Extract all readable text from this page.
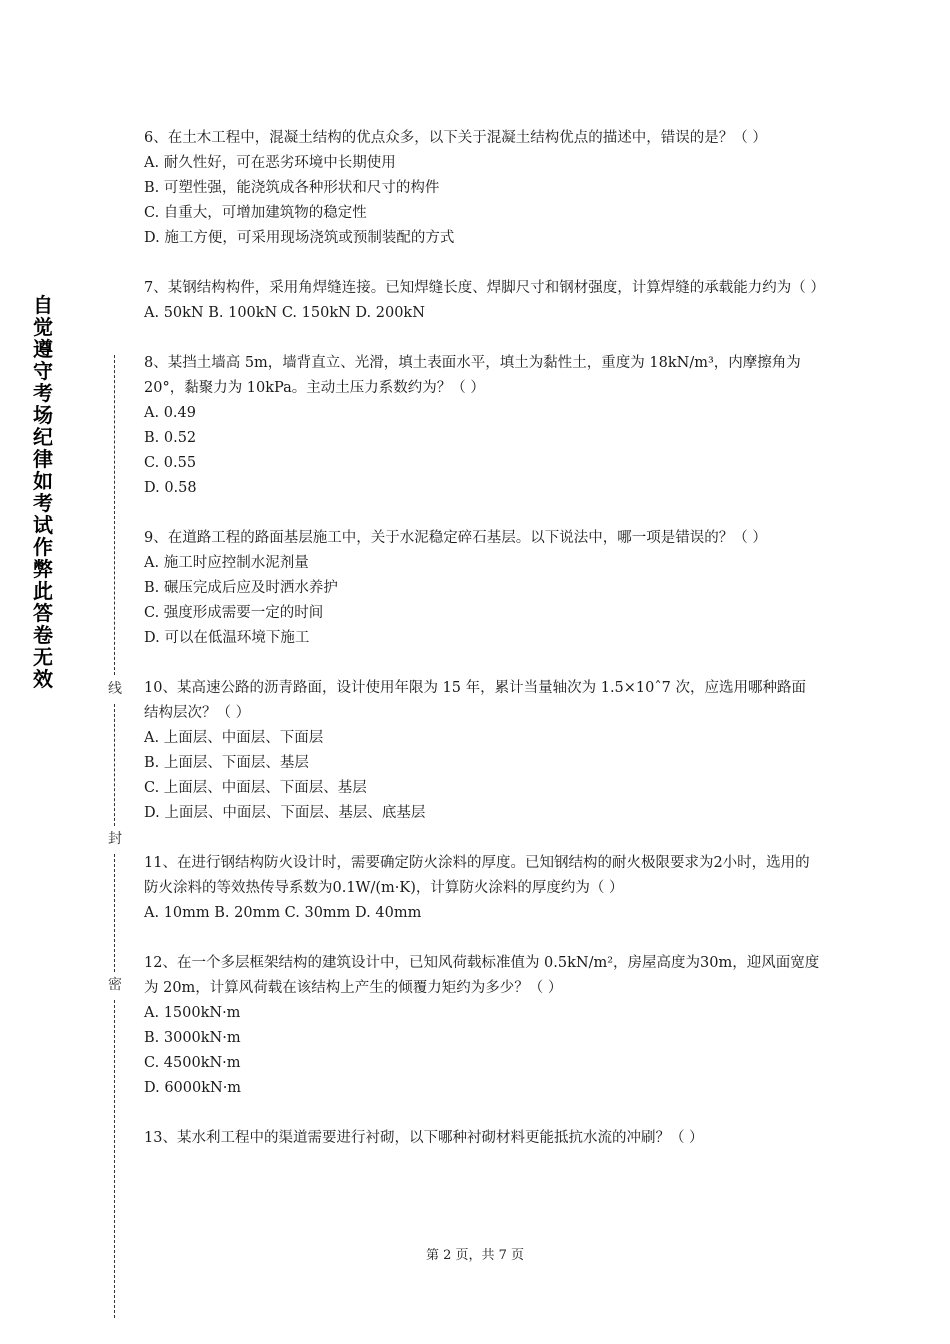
自
觉
遵
守
考
场
纪
律
如
考
试
作
弊
此
答
卷
无
效	线
封
密

6、在土木工程中，混凝土结构的优点众多，以下关于混凝土结构优点的描述中，错误的是？（ ）

A. 耐久性好，可在恶劣环境中长期使用

B. 可塑性强，能浇筑成各种形状和尺寸的构件

C. 自重大，可增加建筑物的稳定性

D. 施工方便，可采用现场浇筑或预制装配的方式

7、某钢结构构件，采用角焊缝连接。已知焊缝长度、焊脚尺寸和钢材强度，计算焊缝的承载能力约为（ ）

A. 50kN B. 100kN C. 150kN D. 200kN

8、某挡土墙高 5m，墙背直立、光滑，填土表面水平，填土为黏性土，重度为 18kN/m³，内摩擦角为 20°，黏聚力为 10kPa。主动土压力系数约为？（ ）

A. 0.49

B. 0.52

C. 0.55

D. 0.58

9、在道路工程的路面基层施工中，关于水泥稳定碎石基层。以下说法中，哪一项是错误的？（ ）

A. 施工时应控制水泥剂量

B. 碾压完成后应及时洒水养护

C. 强度形成需要一定的时间

D. 可以在低温环境下施工

10、某高速公路的沥青路面，设计使用年限为 15 年，累计当量轴次为 1.5×10ˆ7 次，应选用哪种路面结构层次？（ ）

A. 上面层、中面层、下面层

B. 上面层、下面层、基层

C. 上面层、中面层、下面层、基层

D. 上面层、中面层、下面层、基层、底基层

11、在进行钢结构防火设计时，需要确定防火涂料的厚度。已知钢结构的耐火极限要求为2小时，选用的防火涂料的等效热传导系数为0.1W/(m·K)，计算防火涂料的厚度约为（ ）

A. 10mm B. 20mm C. 30mm D. 40mm

12、在一个多层框架结构的建筑设计中，已知风荷载标准值为 0.5kN/m²，房屋高度为30m，迎风面宽度为 20m，计算风荷载在该结构上产生的倾覆力矩约为多少？（ ）

A. 1500kN·m

B. 3000kN·m

C. 4500kN·m

D. 6000kN·m

13、某水利工程中的渠道需要进行衬砌，以下哪种衬砌材料更能抵抗水流的冲刷？（ ）

第 2 页，共 7 页
